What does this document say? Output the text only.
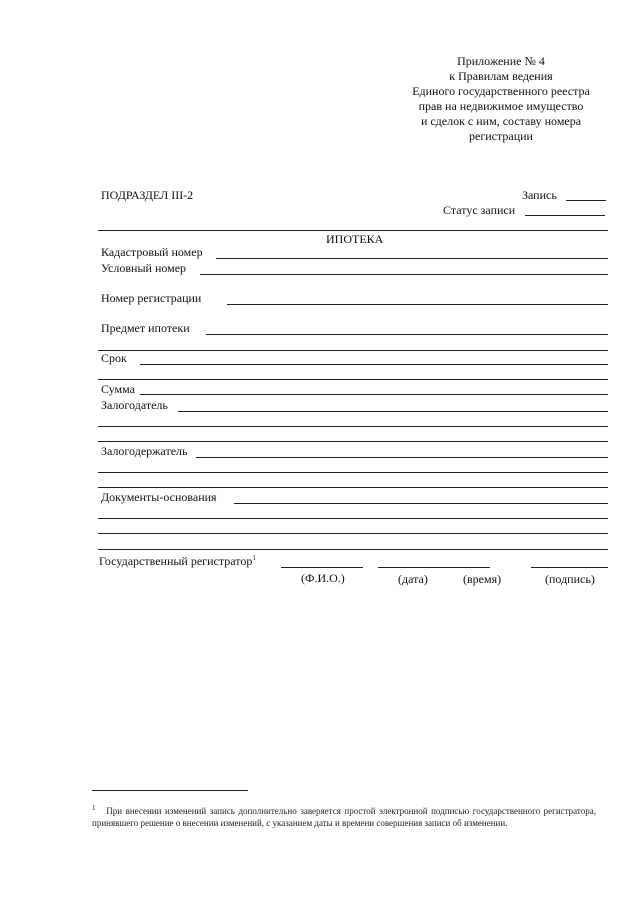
Приложение № 4
к Правилам ведения
Единого государственного реестра
прав на недвижимое имущество
и сделок с ним, составу номера
регистрации
ПОДРАЗДЕЛ III-2	Запись
Статус записи
ИПОТЕКА
Кадастровый номер
Условный номер
Номер регистрации
Предмет ипотеки
Срок
Сумма
Залогодатель
Залогодержатель
Документы-основания
Государственный регистратор$^1$
(Ф.И.О.)	(дата)	(время)	(подпись)
$^1$ При внесении изменений запись дополнительно заверяется простой электронной подписью государственного регистратора, принявшего решение о внесении изменений, с указанием даты и времени совершения записи об изменении.
